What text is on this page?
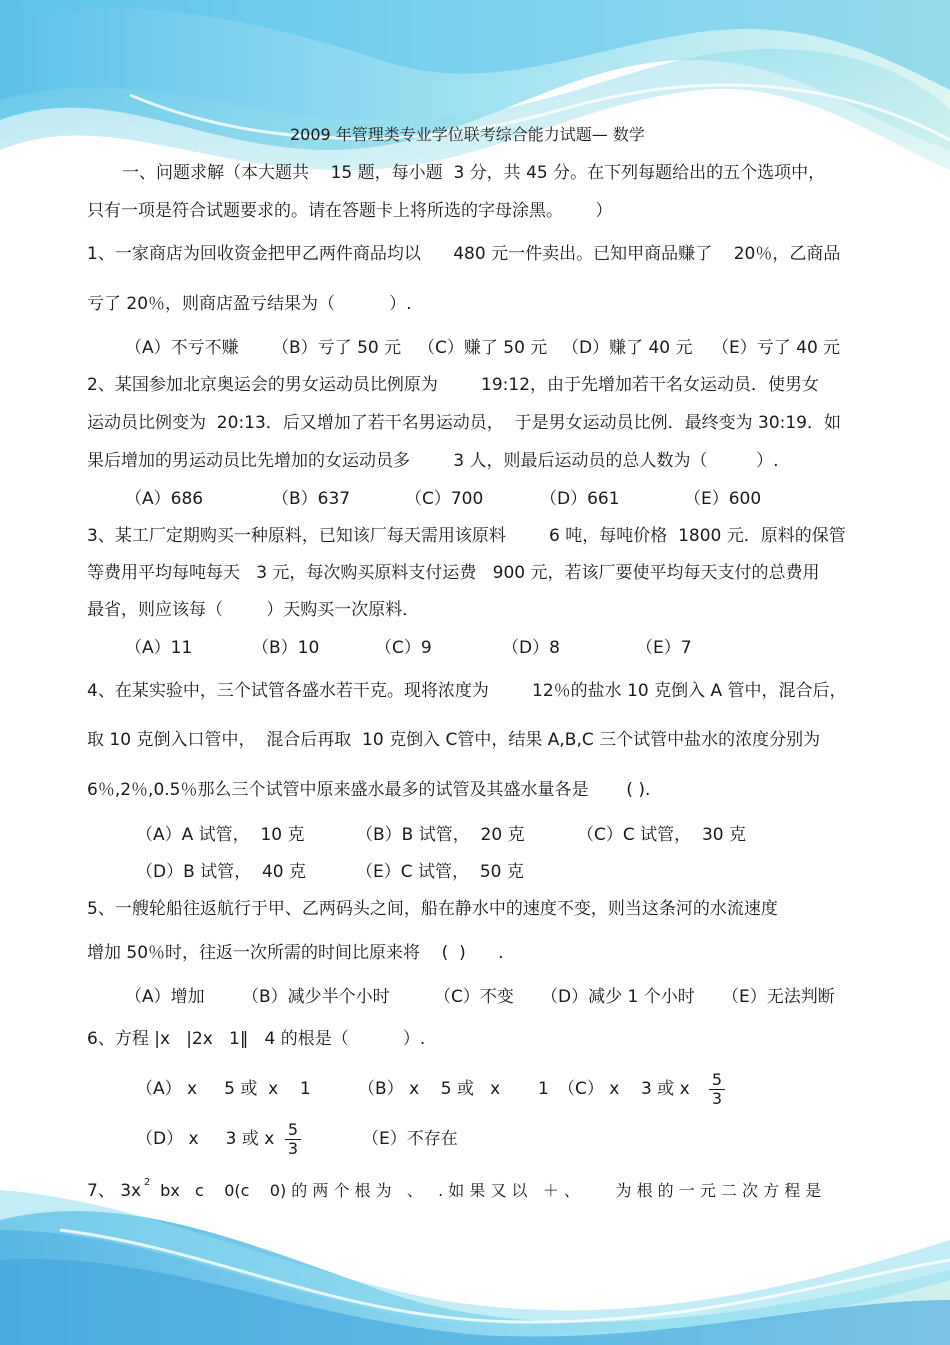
2009 年管理类专业学位联考综合能力试题— 数学
一、问题求解（本大题共    15 题，每小题  3 分，共 45 分。在下列每题给出的五个选项中，
只有一项是符合试题要求的。请在答题卡上将所选的字母涂黑。      ）
1、一家商店为回收资金把甲乙两件商品均以      480 元一件卖出。已知甲商品赚了    20％，乙商品
亏了 20％，则商店盈亏结果为（          ）.
（A）不亏不赚 （B）亏了 50 元 （C）赚了 50 元 （D）赚了 40 元 （E）亏了 40 元
2、某国参加北京奥运会的男女运动员比例原为        19:12，由于先增加若干名女运动员．使男女
运动员比例变为  20:13．后又增加了若干名男运动员，  于是男女运动员比例．最终变为 30:19．如
果后增加的男运动员比先增加的女运动员多        3 人，则最后运动员的总人数为（         ）.
（A）686	（B）637	（C）700	（D）661	（E）600
3、某工厂定期购买一种原料，已知该厂每天需用该原料        6 吨，每吨价格  1800 元．原料的保管
等费用平均每吨每天   3 元，每次购买原料支付运费   900 元，若该厂要使平均每天支付的总费用
最省，则应该每（        ）天购买一次原料．
（A）11	（B）10	（C）9	（D）8	（E）7
4、在某实验中，三个试管各盛水若干克。现将浓度为        12％的盐水 10 克倒入 A 管中，混合后，
取 10 克倒入口管中，  混合后再取  10 克倒入 C管中，结果 A,B,C 三个试管中盐水的浓度分别为
6％,2％,0.5％那么三个试管中原来盛水最多的试管及其盛水量各是       ( ).
（A）A 试管，  10 克	（B）B 试管，  20 克	（C）C 试管，  30 克
（D）B 试管，  40 克	（E）C 试管，  50 克
5、一艘轮船往返航行于甲、乙两码头之间，船在静水中的速度不变，则当这条河的水流速度
增加 50％时，往返一次所需的时间比原来将    (  )      .
（A）增加 （B）减少半个小时	（C）不变 （D）减少 1 个小时 （E）无法判断
6、方程 |x   |2x   1‖   4 的根是（          ）.
（A） x     5 或  x    1	（B） x    5 或   x       1 （C） x    3 或 x $\frac{5}{3}$
（D） x     3 或 x $\frac{5}{3}$	（E）不存在
7、 3x 2 bx   c    0(c    0) 的 两 个 根 为   、   . 如 果 又 以   ＋ 、       为 根 的 一 元 二 次 方 程 是
